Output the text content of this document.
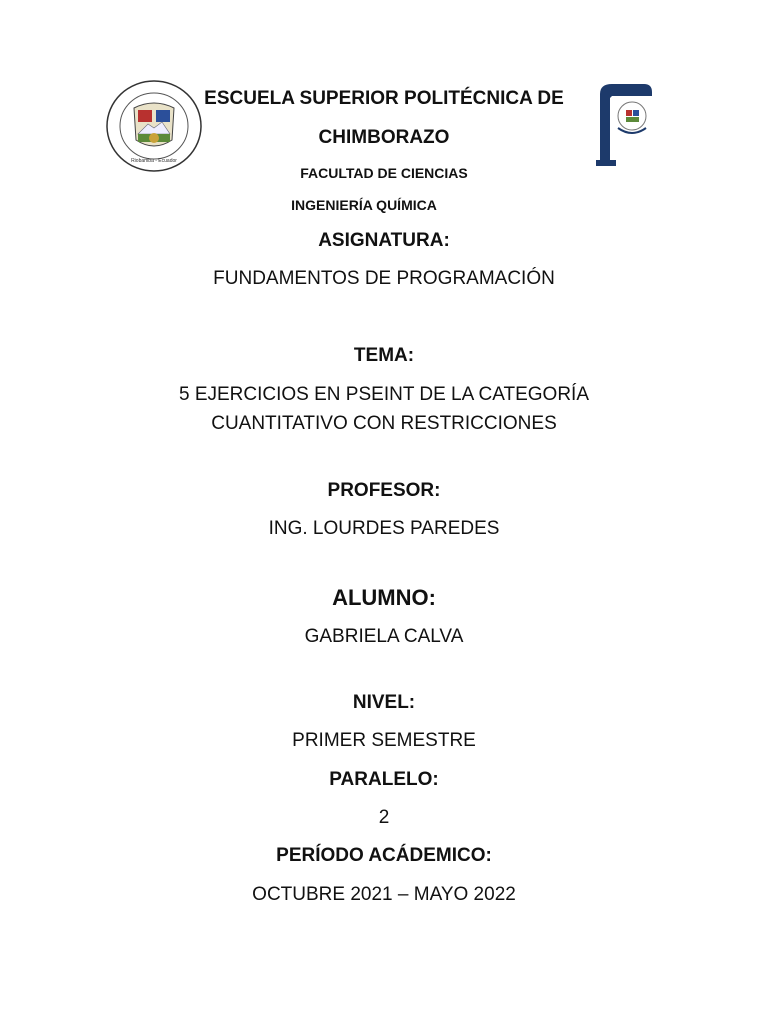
Riobamba - Ecuador
ESCUELA SUPERIOR POLITÉCNICA DE
CHIMBORAZO
FACULTAD DE CIENCIAS
INGENIERÍA QUÍMICA
ASIGNATURA:
FUNDAMENTOS DE PROGRAMACIÓN
TEMA:
5 EJERCICIOS EN PSEINT DE LA CATEGORÍA
CUANTITATIVO CON RESTRICCIONES
PROFESOR:
ING. LOURDES PAREDES
ALUMNO:
GABRIELA CALVA
NIVEL:
PRIMER SEMESTRE
PARALELO:
2
PERÍODO ACÁDEMICO:
OCTUBRE 2021 – MAYO 2022
